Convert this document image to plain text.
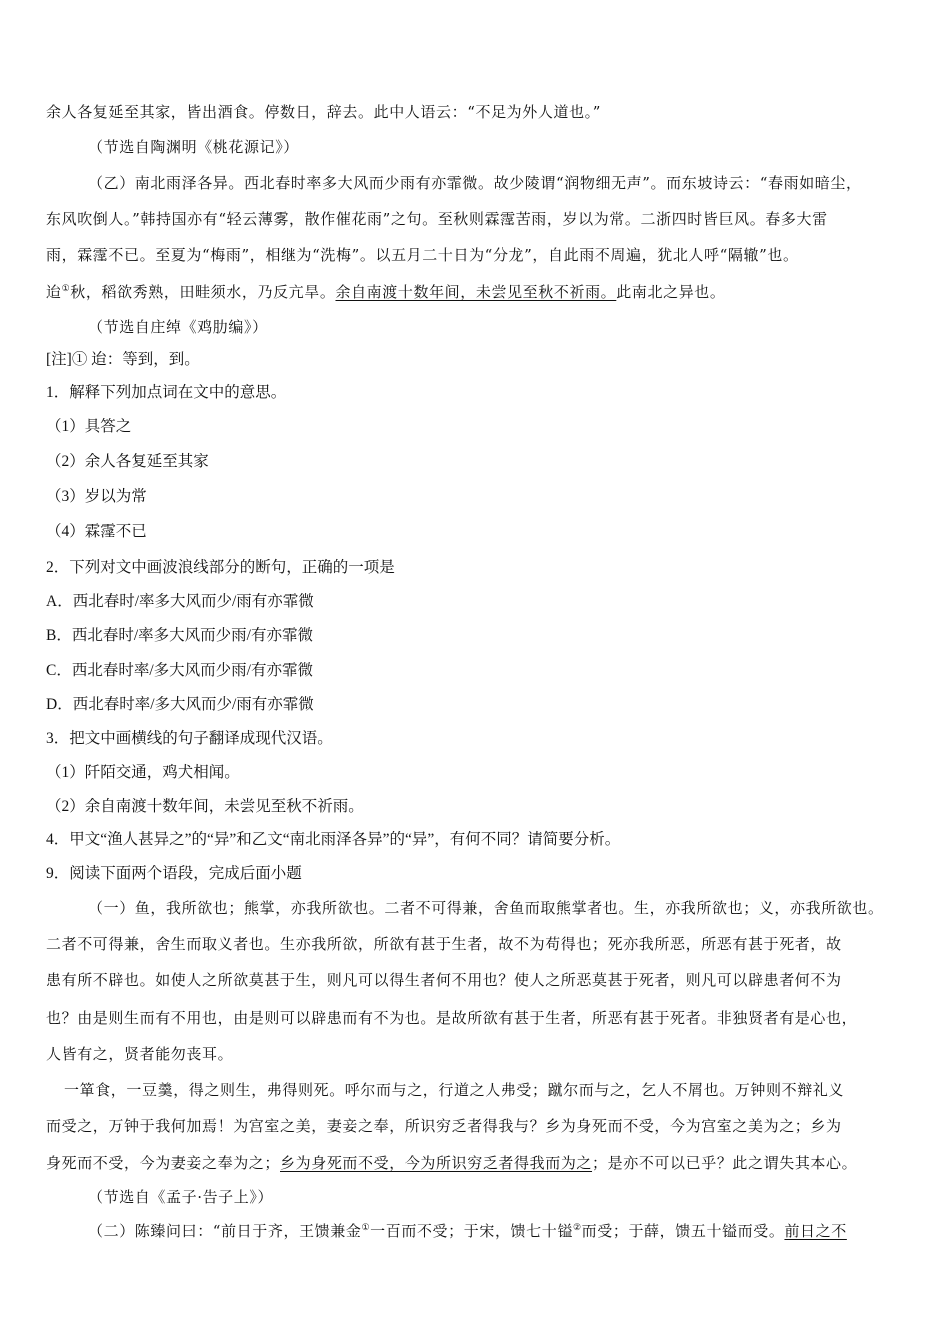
余人各复延至其家，皆出酒食。停数日，辞去。此中人语云：“不足为外人道也。”
（节选自陶渊明《桃花源记》）
（乙）南北雨泽各异。西北春时率多大风而少雨有亦霏微。故少陵谓“润物细无声”。而东坡诗云：“春雨如暗尘，
东风吹倒人。”韩持国亦有“轻云薄雾，散作催花雨”之句。至秋则霖霪苦雨，岁以为常。二浙四时皆巨风。春多大雷
雨，霖霪不已。至夏为“梅雨”，相继为“洗梅”。以五月二十日为“分龙”，自此雨不周遍，犹北人呼“隔辙”也。
迨①秋，稻欲秀熟，田畦须水，乃反亢旱。余自南渡十数年间，未尝见至秋不祈雨。此南北之异也。
（节选自庄绰《鸡肋编》）
[注]① 迨：等到，到。
1．解释下列加点词在文中的意思。
（1）具答之
（2）余人各复延至其家
（3）岁以为常
（4）霖霪不已
2．下列对文中画波浪线部分的断句，正确的一项是
A．西北春时/率多大风而少/雨有亦霏微
B．西北春时/率多大风而少雨/有亦霏微
C．西北春时率/多大风而少雨/有亦霏微
D．西北春时率/多大风而少/雨有亦霏微
3．把文中画横线的句子翻译成现代汉语。
（1）阡陌交通，鸡犬相闻。
（2）余自南渡十数年间，未尝见至秋不祈雨。
4．甲文“渔人甚异之”的“异”和乙文“南北雨泽各异”的“异”，有何不同？请简要分析。
9．阅读下面两个语段，完成后面小题
（一）鱼，我所欲也；熊掌，亦我所欲也。二者不可得兼，舍鱼而取熊掌者也。生，亦我所欲也；义，亦我所欲也。
二者不可得兼，舍生而取义者也。生亦我所欲，所欲有甚于生者，故不为苟得也；死亦我所恶，所恶有甚于死者，故
患有所不辟也。如使人之所欲莫甚于生，则凡可以得生者何不用也？使人之所恶莫甚于死者，则凡可以辟患者何不为
也？由是则生而有不用也，由是则可以辟患而有不为也。是故所欲有甚于生者，所恶有甚于死者。非独贤者有是心也，
人皆有之，贤者能勿丧耳。
一箪食，一豆羹，得之则生，弗得则死。呼尔而与之，行道之人弗受；蹴尔而与之，乞人不屑也。万钟则不辩礼义
而受之，万钟于我何加焉！为宫室之美，妻妾之奉，所识穷乏者得我与？乡为身死而不受，今为宫室之美为之；乡为
身死而不受，今为妻妾之奉为之；乡为身死而不受，今为所识穷乏者得我而为之；是亦不可以已乎？此之谓失其本心。
（节选自《孟子·告子上》）
（二）陈臻问曰：“前日于齐，王馈兼金①一百而不受；于宋，馈七十镒②而受；于薛，馈五十镒而受。前日之不
